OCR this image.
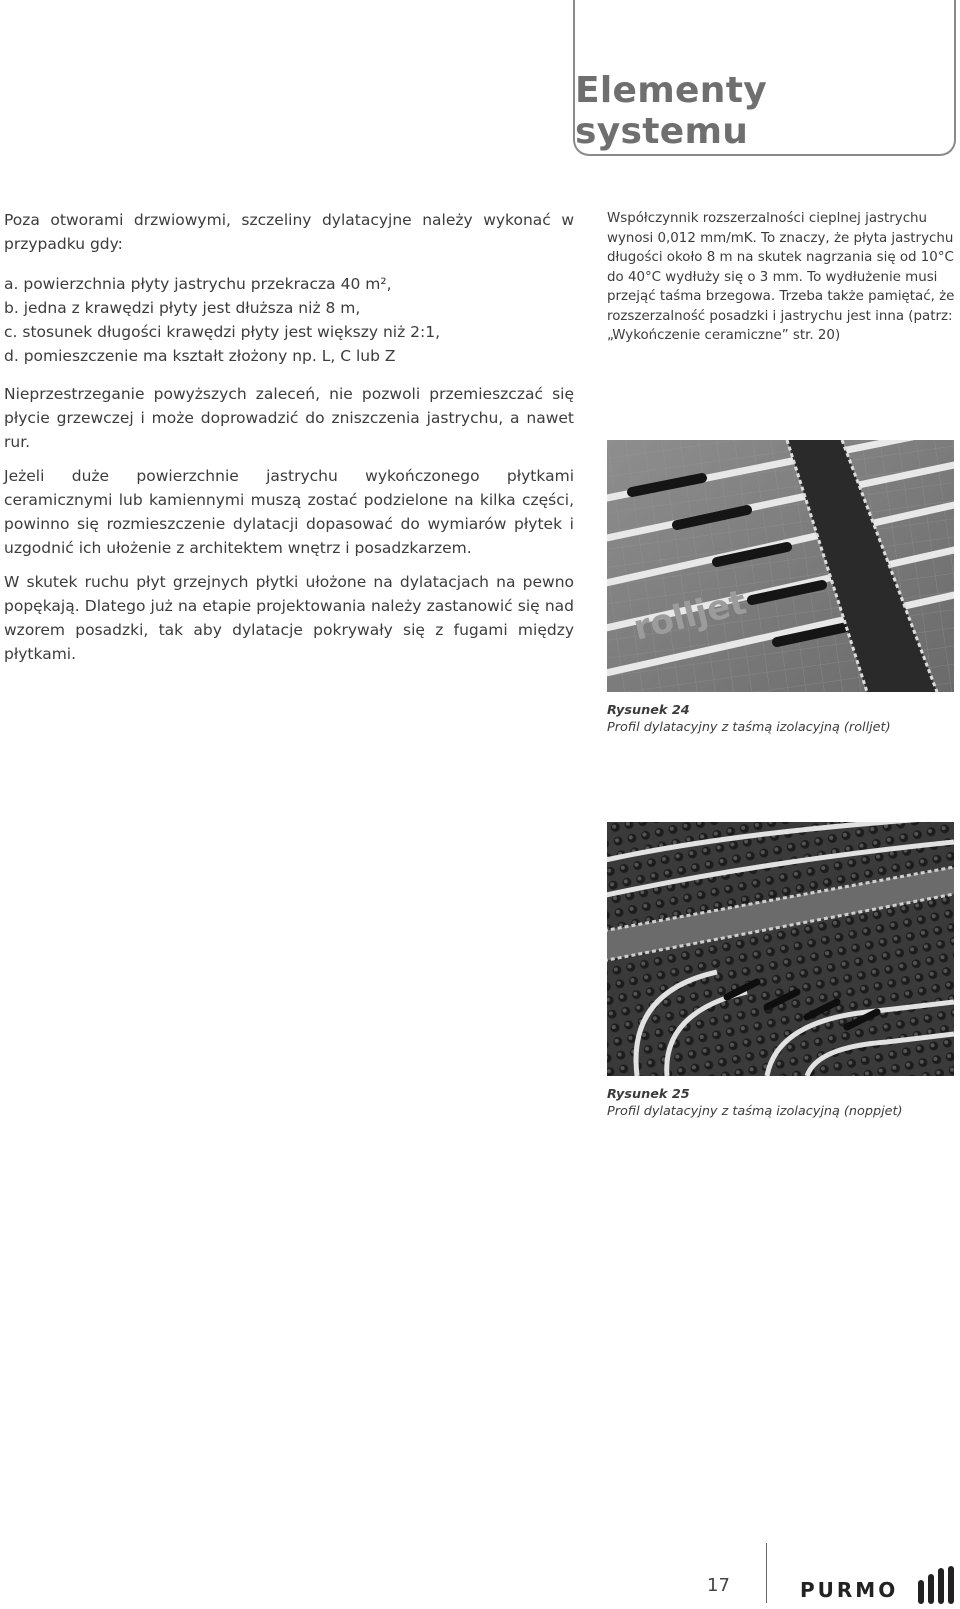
Elementy systemu

Poza otworami drzwiowymi, szczeliny dylatacyjne należy wykonać w przypadku gdy:

a. powierzchnia płyty jastrychu przekracza 40 m²,
b. jedna z krawędzi płyty jest dłuższa niż 8 m,
c. stosunek długości krawędzi płyty jest większy niż 2:1,
d. pomieszczenie ma kształt złożony np. L, C lub Z

Nieprzestrzeganie powyższych zaleceń, nie pozwoli przemieszczać się płycie grzewczej i może doprowadzić do zniszczenia jastrychu, a nawet rur.

Jeżeli duże powierzchnie jastrychu wykończonego płytkami ceramicznymi lub kamiennymi muszą zostać podzielone na kilka części, powinno się rozmieszczenie dylatacji dopasować do wymiarów płytek i uzgodnić ich ułożenie z architektem wnętrz i posadzkarzem.

W skutek ruchu płyt grzejnych płytki ułożone na dylatacjach na pewno popękają. Dlatego już na etapie projektowania należy zastanowić się nad wzorem posadzki, tak aby dylatacje pokrywały się z fugami między płytkami.

Współczynnik rozszerzalności cieplnej jastrychu wynosi 0,012 mm/mK. To znaczy, że płyta jastrychu długości około 8 m na skutek nagrzania się od 10°C do 40°C wydłuży się o 3 mm. To wydłużenie musi przejąć taśma brzegowa. Trzeba także pamiętać, że rozszerzalność posadzki i jastrychu jest inna (patrz: „Wykończenie ceramiczne” str. 20)
rolljet
Rysunek 24
Profil dylatacyjny z taśmą izolacyjną (rolljet)
Rysunek 25
Profil dylatacyjny z taśmą izolacyjną (noppjet)
17	PURMO
